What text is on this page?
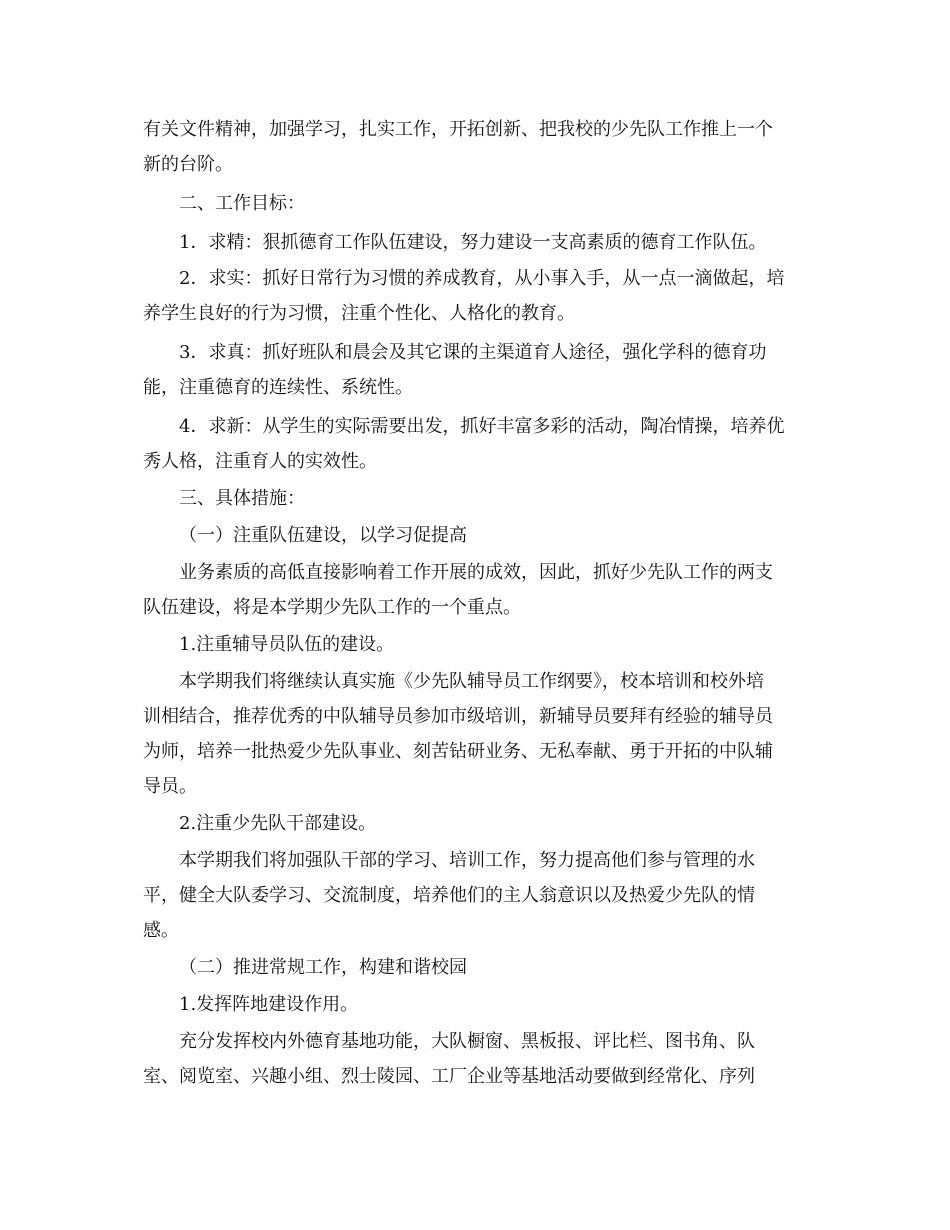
有关文件精神，加强学习，扎实工作，开拓创新、把我校的少先队工作推上一个

新的台阶。

二、工作目标：

1．求精：狠抓德育工作队伍建设，努力建设一支高素质的德育工作队伍。

2．求实：抓好日常行为习惯的养成教育，从小事入手，从一点一滴做起，培

养学生良好的行为习惯，注重个性化、人格化的教育。

3．求真：抓好班队和晨会及其它课的主渠道育人途径，强化学科的德育功

能，注重德育的连续性、系统性。

4．求新：从学生的实际需要出发，抓好丰富多彩的活动，陶冶情操，培养优

秀人格，注重育人的实效性。

三、具体措施：

（一）注重队伍建设，以学习促提高

业务素质的高低直接影响着工作开展的成效，因此，抓好少先队工作的两支

队伍建设，将是本学期少先队工作的一个重点。

1.注重辅导员队伍的建设。

本学期我们将继续认真实施《少先队辅导员工作纲要》，校本培训和校外培

训相结合，推荐优秀的中队辅导员参加市级培训，新辅导员要拜有经验的辅导员

为师，培养一批热爱少先队事业、刻苦钻研业务、无私奉献、勇于开拓的中队辅

导员。

2.注重少先队干部建设。

本学期我们将加强队干部的学习、培训工作，努力提高他们参与管理的水

平，健全大队委学习、交流制度，培养他们的主人翁意识以及热爱少先队的情

感。

（二）推进常规工作，构建和谐校园

1.发挥阵地建设作用。

充分发挥校内外德育基地功能，大队橱窗、黑板报、评比栏、图书角、队

室、阅览室、兴趣小组、烈士陵园、工厂企业等基地活动要做到经常化、序列
